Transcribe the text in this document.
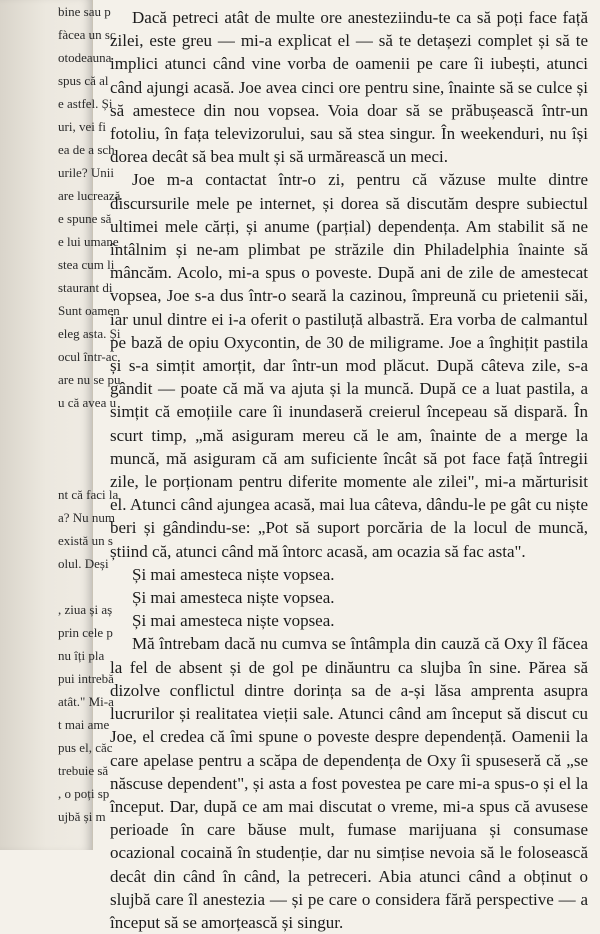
bine sau p
fàcea un sc
otodeauna
spus că al
e astfel. Și
uri, vei fi
ea de a sch
urile? Unii
are lucrează
e spune să
e lui umane
stea cum li
staurant di
Sunt oamen
eleg asta. Și
ocul într-ac
are nu se pu
u că avea u
nt că faci la
a? Nu num
există un s
olul. Deși
, ziua și aș
prin cele p
nu îți pla
pui intrebă
atât." Mi-a
t mai ame
pus el, căc
trebuie să
, o poți sp
ujbă și m

Dacă petreci atât de multe ore anesteziindu-te ca să poți face față zilei, este greu — mi-a explicat el — să te detașezi complet și să te implici atunci când vine vorba de oamenii pe care îi iubești, atunci când ajungi acasă. Joe avea cinci ore pentru sine, înainte să se culce și să amestece din nou vopsea. Voia doar să se prăbușească într-un fotoliu, în fața televizorului, sau să stea singur. În weekenduri, nu își dorea decât să bea mult și să urmărească un meci.

Joe m-a contactat într-o zi, pentru că văzuse multe dintre discursurile mele pe internet, și dorea să discutăm despre subiectul ultimei mele cărți, și anume (parțial) dependența. Am stabilit să ne întâlnim și ne-am plimbat pe străzile din Philadelphia înainte să mâncăm. Acolo, mi-a spus o poveste. După ani de zile de amestecat vopsea, Joe s-a dus într-o seară la cazinou, împreună cu prietenii săi, iar unul dintre ei i-a oferit o pastiluță albastră. Era vorba de calmantul pe bază de opiu Oxycontin, de 30 de miligrame. Joe a înghițit pastila și s-a simțit amorțit, dar într-un mod plăcut. După câteva zile, s-a gândit — poate că mă va ajuta și la muncă. După ce a luat pastila, a simțit că emoțiile care îi inundaseră creierul începeau să dispară. În scurt timp, „mă asiguram mereu că le am, înainte de a merge la muncă, mă asiguram că am suficiente încât să pot face față întregii zile, le porționam pentru diferite momente ale zilei", mi-a mărturisit el. Atunci când ajungea acasă, mai lua câteva, dându-le pe gât cu niște beri și gândindu-se: „Pot să suport porcăria de la locul de muncă, știind că, atunci când mă întorc acasă, am ocazia să fac asta".

Și mai amesteca niște vopsea.

Și mai amesteca niște vopsea.

Și mai amesteca niște vopsea.

Mă întrebam dacă nu cumva se întâmpla din cauză că Oxy îl făcea la fel de absent și de gol pe dinăuntru ca slujba în sine. Părea să dizolve conflictul dintre dorința sa de a-și lăsa amprenta asupra lucrurilor și realitatea vieții sale. Atunci când am început să discut cu Joe, el credea că îmi spune o poveste despre dependență. Oamenii la care apelase pentru a scăpa de dependența de Oxy îi spuseseră că „se născuse dependent", și asta a fost povestea pe care mi-a spus-o și el la început. Dar, după ce am mai discutat o vreme, mi-a spus că avusese perioade în care băuse mult, fumase marijuana și consumase ocazional cocaină în studenție, dar nu simțise nevoia să le folosească decât din când în când, la petreceri. Abia atunci când a obținut o slujbă care îl anestezia — și pe care o considera fără perspective — a început să se amorțească și singur.
